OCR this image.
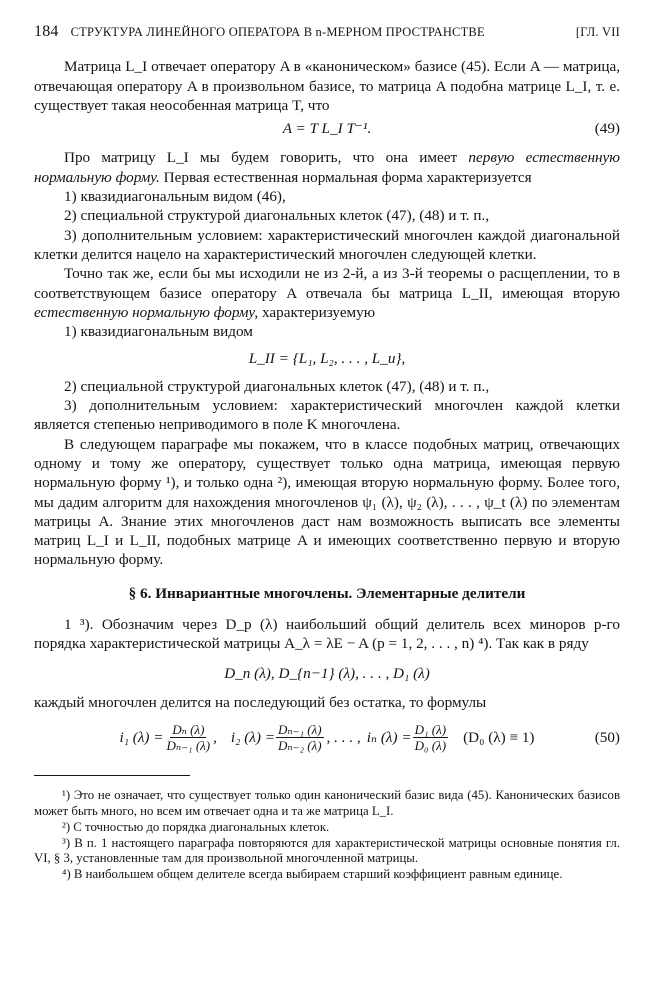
184 СТРУКТУРА ЛИНЕЙНОГО ОПЕРАТОРА В n-МЕРНОМ ПРОСТРАНСТВЕ	[ГЛ. VII

Матрица L_I отвечает оператору A в «каноническом» базисе (45). Если A — матрица, отвечающая оператору A в произвольном базисе, то матрица A подобна матрице L_I, т. е. существует такая неособенная матрица T, что

A = T L_I T⁻¹.	(49)

Про матрицу L_I мы будем говорить, что она имеет первую естественную нормальную форму. Первая естественная нормальная форма характеризуется

1) квазидиагональным видом (46),

2) специальной структурой диагональных клеток (47), (48) и т. п.,

3) дополнительным условием: характеристический многочлен каждой диагональной клетки делится нацело на характеристический многочлен следующей клетки.

Точно так же, если бы мы исходили не из 2-й, а из 3-й теоремы о расщеплении, то в соответствующем базисе оператору A отвечала бы матрица L_II, имеющая вторую естественную нормальную форму, характеризуемую

1) квазидиагональным видом

L_II = {L₁, L₂, . . . , L_u},

2) специальной структурой диагональных клеток (47), (48) и т. п.,

3) дополнительным условием: характеристический многочлен каждой клетки является степенью неприводимого в поле K многочлена.

В следующем параграфе мы покажем, что в классе подобных матриц, отвечающих одному и тому же оператору, существует только одна матрица, имеющая первую нормальную форму ¹), и только одна ²), имеющая вторую нормальную форму. Более того, мы дадим алгоритм для нахождения многочленов ψ₁ (λ), ψ₂ (λ), . . . , ψ_t (λ) по элементам матрицы A. Знание этих многочленов даст нам возможность выписать все элементы матриц L_I и L_II, подобных матрице A и имеющих соответственно первую и вторую нормальную форму.

§ 6. Инвариантные многочлены. Элементарные делители

1 ³). Обозначим через D_p (λ) наибольший общий делитель всех миноров p-го порядка характеристической матрицы A_λ = λE − A (p = 1, 2, . . . , n) ⁴). Так как в ряду

D_n (λ), D_{n−1} (λ), . . . , D₁ (λ)

каждый многочлен делится на последующий без остатка, то формулы

i₁ $(\lambda) = \frac{\text{Dₙ (λ)}}{\text{Dₙ₋₁ (λ)}}$ , i₂ $(\lambda) = \frac{\text{Dₙ₋₁ (λ)}}{\text{Dₙ₋₂ (λ)}}$ , . . . , iₙ $(\lambda) = \frac{\text{D₁ (λ)}}{\text{D₀ (λ)}} (D_0$ (λ) ≡ 1)	(50)

¹) Это не означает, что существует только один канонический базис вида (45). Канонических базисов может быть много, но всем им отвечает одна и та же матрица L_I.

²) С точностью до порядка диагональных клеток.

³) В п. 1 настоящего параграфа повторяются для характеристической матрицы основные понятия гл. VI, § 3, установленные там для произвольной многочленной матрицы.

⁴) В наибольшем общем делителе всегда выбираем старший коэффициент равным единице.
